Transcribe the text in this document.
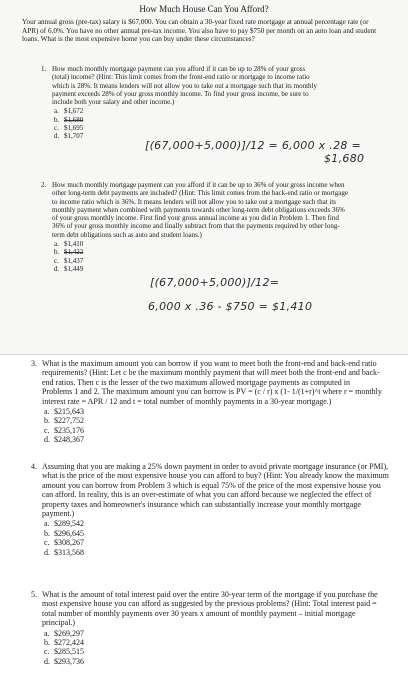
How Much House Can You Afford?
Your annual gross (pre-tax) salary is $67,000. You can obtain a 30-year fixed rate mortgage at annual percentage rate (or APR) of 6.0%. You have no other annual pre-tax income. You also have to pay $750 per month on an auto loan and student loans. What is the most expensive home you can buy under these circumstances?
1. How much monthly mortgage payment can you afford if it can be up to 28% of your gross (total) income? (Hint: This limit comes from the front-end ratio or mortgage to income ratio which is 28%. It means lenders will not allow you to take out a mortgage such that its monthly payment exceeds 28% of your gross monthly income. To find your gross income, be sure to include both your salary and other income.)

a. $1,672
b. $1,680
c. $1,695
d. $1,707
[(67,000+5,000)]/12 = 6,000 x .28 =
$1,680
2. How much monthly mortgage payment can you afford if it can be up to 36% of your gross income when other long-term debt payments are included? (Hint: This limit comes from the back-end ratio or mortgage to income ratio which is 36%. It means lenders will not allow you to take out a mortgage such that its monthly payment when combined with payments towards other long-term debt obligations exceeds 36% of your gross monthly income. First find your gross annual income as you did in Problem 1. Then find 36% of your gross monthly income and finally subtract from that the payments required by other long-term debt obligations such as auto and student loans.)

a. $1,410
b. $1,422
c. $1,437
d. $1,449
[(67,000+5,000)]/12=
6,000 x .36 - $750 = $1,410
3. What is the maximum amount you can borrow if you want to meet both the front-end and back-end ratio requirements? (Hint: Let c be the maximum monthly payment that will meet both the front-end and back-end ratios. Then c is the lesser of the two maximum allowed mortgage payments as computed in Problems 1 and 2. The maximum amount you can borrow is PV = (c / r) x (1- 1/(1+r)^t where r = monthly interest rate = APR / 12 and t = total number of monthly payments in a 30-year mortgage.)

a. $215,643
b. $227,752
c. $235,176
d. $248,367
4. Assuming that you are making a 25% down payment in order to avoid private mortgage insurance (or PMI), what is the price of the most expensive house you can afford to buy? (Hint: You already know the maximum amount you can borrow from Problem 3 which is equal 75% of the price of the most expensive house you can afford. In reality, this is an over-estimate of what you can afford because we neglected the effect of property taxes and homeowner's insurance which can substantially increase your monthly mortgage payment.)

a. $289,542
b. $296,645
c. $308,267
d. $313,568
5. What is the amount of total interest paid over the entire 30-year term of the mortgage if you purchase the most expensive house you can afford as suggested by the previous problems? (Hint: Total interest paid = total number of monthly payments over 30 years x amount of monthly payment – initial mortgage principal.)

a. $269,297
b. $272,424
c. $285,515
d. $293,736
